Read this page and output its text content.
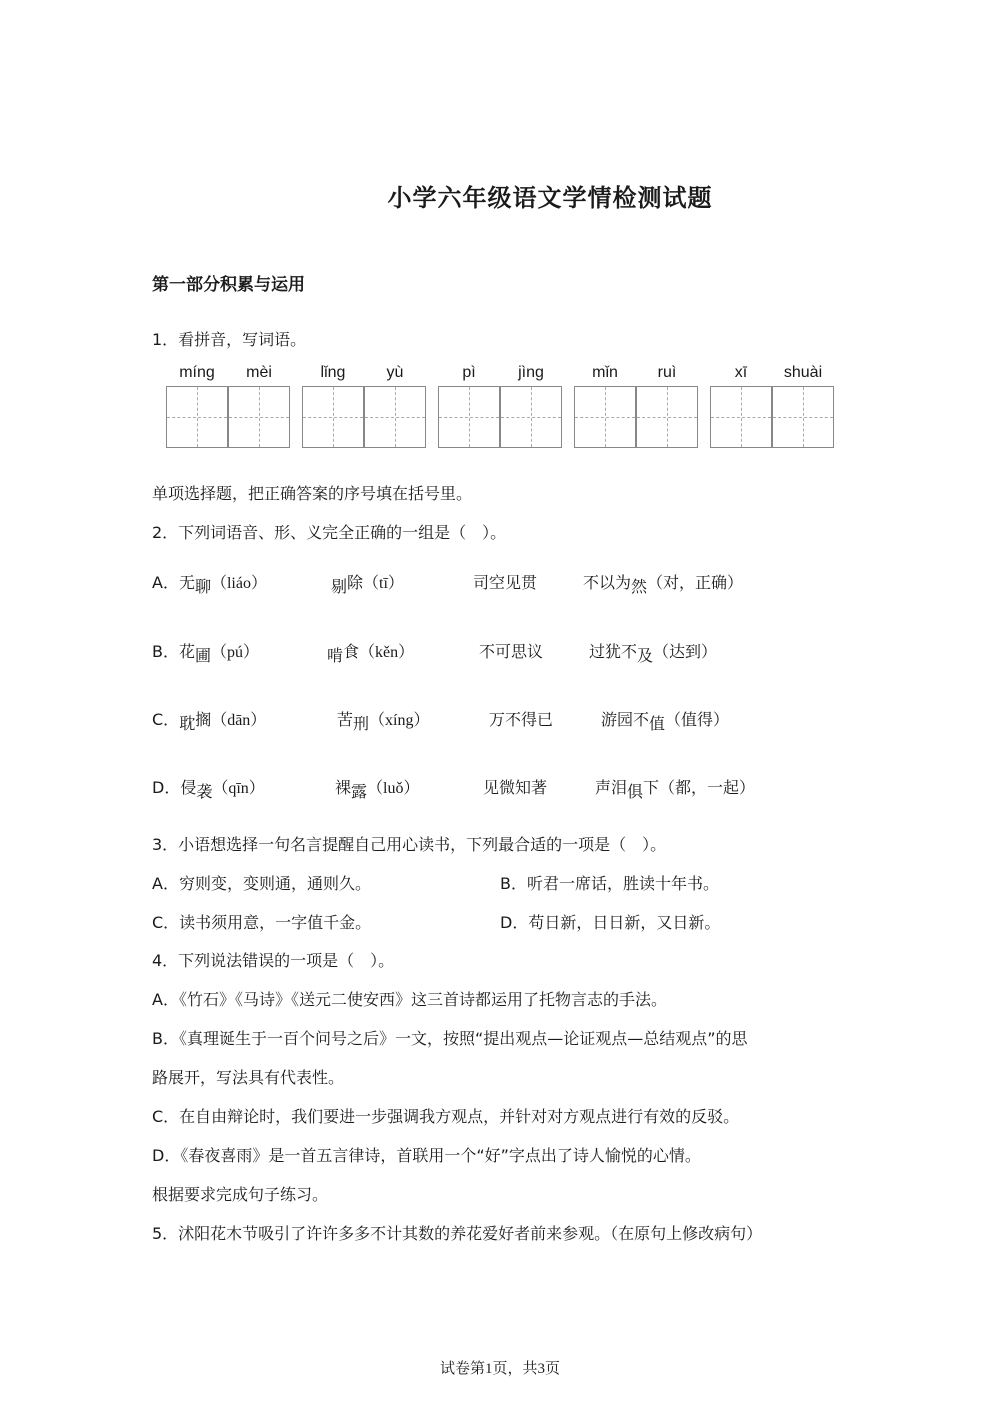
小学六年级语文学情检测试题
第一部分积累与运用
1．看拼音，写词语。
míng	mèi	lǐng	yù	pì	jìng	mǐn	ruì	xī	shuài
单项选择题，把正确答案的序号填在括号里。
2．下列词语音、形、义完全正确的一组是（　）。
A．无聊（liáo）	剔除（tī）	司空见贯	不以为然（对，正确）
B．花圃（pú）	啃食（kěn）	不可思议	过犹不及（达到）
C．耽搁（dān）	苦刑（xíng）	万不得已	游园不值（值得）
D．侵袭（qīn）	裸露（luǒ）	见微知著	声泪俱下（都，一起）
3．小语想选择一句名言提醒自己用心读书，下列最合适的一项是（　）。
A．穷则变，变则通，通则久。	B．听君一席话，胜读十年书。
C．读书须用意，一字值千金。	D．苟日新，日日新，又日新。
4．下列说法错误的一项是（　）。
A．《竹石》《马诗》《送元二使安西》这三首诗都运用了托物言志的手法。
B．《真理诞生于一百个问号之后》一文，按照“提出观点—论证观点—总结观点”的思
路展开，写法具有代表性。
C．在自由辩论时，我们要进一步强调我方观点，并针对对方观点进行有效的反驳。
D．《春夜喜雨》是一首五言律诗，首联用一个“好”字点出了诗人愉悦的心情。
根据要求完成句子练习。
5．沭阳花木节吸引了许许多多不计其数的养花爱好者前来参观。（在原句上修改病句）
试卷第1页，共3页
